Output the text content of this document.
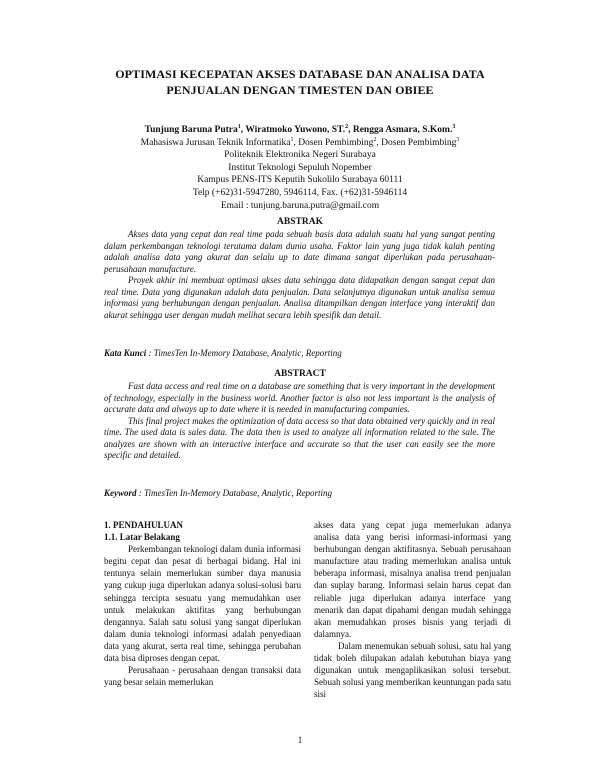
OPTIMASI KECEPATAN AKSES DATABASE DAN ANALISA DATA
PENJUALAN DENGAN TIMESTEN DAN OBIEE
Tunjung Baruna Putra$^1$, Wiratmoko Yuwono, ST.$^2$, Rengga Asmara, S.Kom.$^3$
Mahasiswa Jurusan Teknik Informatika$^1$, Dosen Pembimbing$^2$, Dosen Pembimbing$^3$
Politeknik Elektronika Negeri Surabaya
Institut Teknologi Sepuluh Nopember
Kampus PENS-ITS Keputih Sukolilo Surabaya 60111
Telp (+62)31-5947280, 5946114, Fax. (+62)31-5946114
Email : tunjung.baruna.putra@gmail.com
ABSTRAK

Akses data yang cepat dan real time pada sebuah basis data adalah suatu hal yang sangat penting dalam perkembangan teknologi terutama dalam dunia usaha. Faktor lain yang juga tidak kalah penting adalah analisa data yang akurat dan selalu up to date dimana sangat diperlukan pada perusahaan-perusahaan manufacture.

Proyek akhir ini membuat optimasi akses data sehingga data didapatkan dengan sangat cepat dan real time. Data yang digunakan adalah data penjualan. Data selanjutnya digunakan untuk analisa semua informasi yang berhubungan dengan penjualan. Analisa ditampilkan dengan interface yang interaktif dan akurat sehingga user dengan mudah melihat secara lebih spesifik dan detail.

Kata Kunci : TimesTen In-Memory Database, Analytic, Reporting
ABSTRACT

Fast data access and real time on a database are something that is very important in the development of technology, especially in the business world. Another factor is also not less important is the analysis of accurate data and always up to date where it is needed in manufacturing companies.

This final project makes the optimization of data access so that data obtained very quickly and in real time. The used data is sales data. The data then is used to analyze all information related to the sale. The analyzes are shown with an interactive interface and accurate so that the user can easily see the more specific and detailed.

Keyword : TimesTen In-Memory Database, Analytic, Reporting

1. PENDAHULUAN

1.1. Latar Belakang

Perkembangan teknologi dalam dunia informasi begitu cepat dan pesat di berbagai bidang. Hal ini tentunya selain memerlukan sumber daya manusia yang cukup juga diperlukan adanya solusi-solusi baru sehingga tercipta sesuatu yang memudahkan user untuk melakukan aktifitas yang berhubungan dengannya. Salah satu solusi yang sangat diperlukan dalam dunia teknologi informasi adalah penyediaan data yang akurat, serta real time, sehingga perubahan data bisa diproses dengan cepat.

Perusahaan - perusahaan dengan transaksi data yang besar selain memerlukan

akses data yang cepat juga memerlukan adanya analisa data yang berisi informasi-informasi yang berhubungan dengan aktifitasnya. Sebuah perusahaan manufacture atau trading memerlukan analisa untuk beberapa informasi, misalnya analisa trend penjualan dan suplay barang. Informasi selain harus cepat dan reliable juga diperlukan adanya interface yang menarik dan dapat dipahami dengan mudah sehingga akan memudahkan proses bisnis yang terjadi di dalamnya.

Dalam menemukan sebuah solusi, satu hal yang tidak boleh dilupakan adalah kebutuhan biaya yang digunakan untuk mengaplikasikan solusi tersebut. Sebuah solusi yang memberikan keuntungan pada satu sisi

1
